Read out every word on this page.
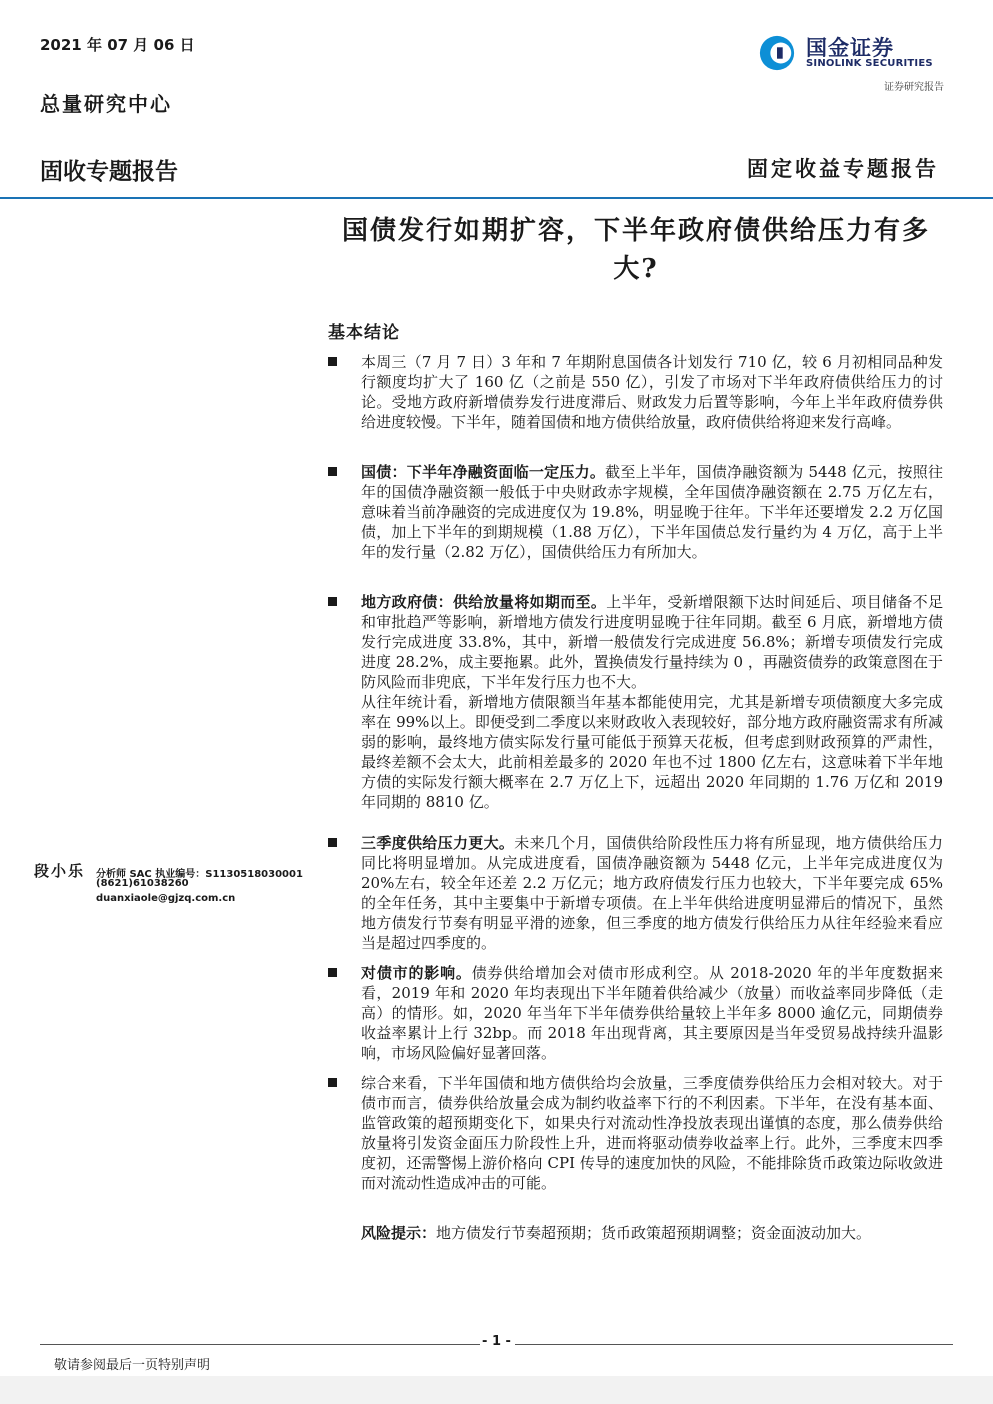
2021 年 07 月 06 日
总量研究中心
固收专题报告	固定收益专题报告
国金证券
SINOLINK SECURITIES
证券研究报告
国债发行如期扩容，下半年政府债供给压力有多大?
基本结论
本周三（7 月 7 日）3 年和 7 年期附息国债各计划发行 710 亿，较 6 月初相同品种发行额度均扩大了 160 亿（之前是 550 亿），引发了市场对下半年政府债供给压力的讨论。受地方政府新增债券发行进度滞后、财政发力后置等影响，今年上半年政府债券供给进度较慢。下半年，随着国债和地方债供给放量，政府债供给将迎来发行高峰。
国债：下半年净融资面临一定压力。截至上半年，国债净融资额为 5448 亿元，按照往年的国债净融资额一般低于中央财政赤字规模，全年国债净融资额在 2.75 万亿左右，意味着当前净融资的完成进度仅为 19.8%，明显晚于往年。下半年还要增发 2.2 万亿国债，加上下半年的到期规模（1.88 万亿），下半年国债总发行量约为 4 万亿，高于上半年的发行量（2.82 万亿），国债供给压力有所加大。
地方政府债：供给放量将如期而至。上半年，受新增限额下达时间延后、项目储备不足和审批趋严等影响，新增地方债发行进度明显晚于往年同期。截至 6 月底，新增地方债发行完成进度 33.8%，其中，新增一般债发行完成进度 56.8%；新增专项债发行完成进度 28.2%，成主要拖累。此外，置换债发行量持续为 0 ，再融资债券的政策意图在于防风险而非兜底，下半年发行压力也不大。
从往年统计看，新增地方债限额当年基本都能使用完，尤其是新增专项债额度大多完成率在 99%以上。即便受到二季度以来财政收入表现较好，部分地方政府融资需求有所减弱的影响，最终地方债实际发行量可能低于预算天花板，但考虑到财政预算的严肃性，最终差额不会太大，此前相差最多的 2020 年也不过 1800 亿左右，这意味着下半年地方债的实际发行额大概率在 2.7 万亿上下，远超出 2020 年同期的 1.76 万亿和 2019 年同期的 8810 亿。
三季度供给压力更大。未来几个月，国债供给阶段性压力将有所显现，地方债供给压力同比将明显增加。从完成进度看，国债净融资额为 5448 亿元，上半年完成进度仅为 20%左右，较全年还差 2.2 万亿元；地方政府债发行压力也较大，下半年要完成 65%的全年任务，其中主要集中于新增专项债。在上半年供给进度明显滞后的情况下，虽然地方债发行节奏有明显平滑的迹象，但三季度的地方债发行供给压力从往年经验来看应当是超过四季度的。
对债市的影响。债券供给增加会对债市形成利空。从 2018-2020 年的半年度数据来看，2019 年和 2020 年均表现出下半年随着供给减少（放量）而收益率同步降低（走高）的情形。如，2020 年当年下半年债券供给量较上半年多 8000 逾亿元，同期债券收益率累计上行 32bp。而 2018 年出现背离，其主要原因是当年受贸易战持续升温影响，市场风险偏好显著回落。
综合来看，下半年国债和地方债供给均会放量，三季度债券供给压力会相对较大。对于债市而言，债券供给放量会成为制约收益率下行的不利因素。下半年，在没有基本面、监管政策的超预期变化下，如果央行对流动性净投放表现出谨慎的态度，那么债券供给放量将引发资金面压力阶段性上升，进而将驱动债券收益率上行。此外，三季度末四季度初，还需警惕上游价格向 CPI 传导的速度加快的风险，不能排除货币政策边际收敛进而对流动性造成冲击的可能。
风险提示：地方债发行节奏超预期；货币政策超预期调整；资金面波动加大。
段小乐 分析师 SAC 执业编号：S1130518030001
(8621)61038260
duanxiaole@gjzq.com.cn
- 1 -
敬请参阅最后一页特别声明
